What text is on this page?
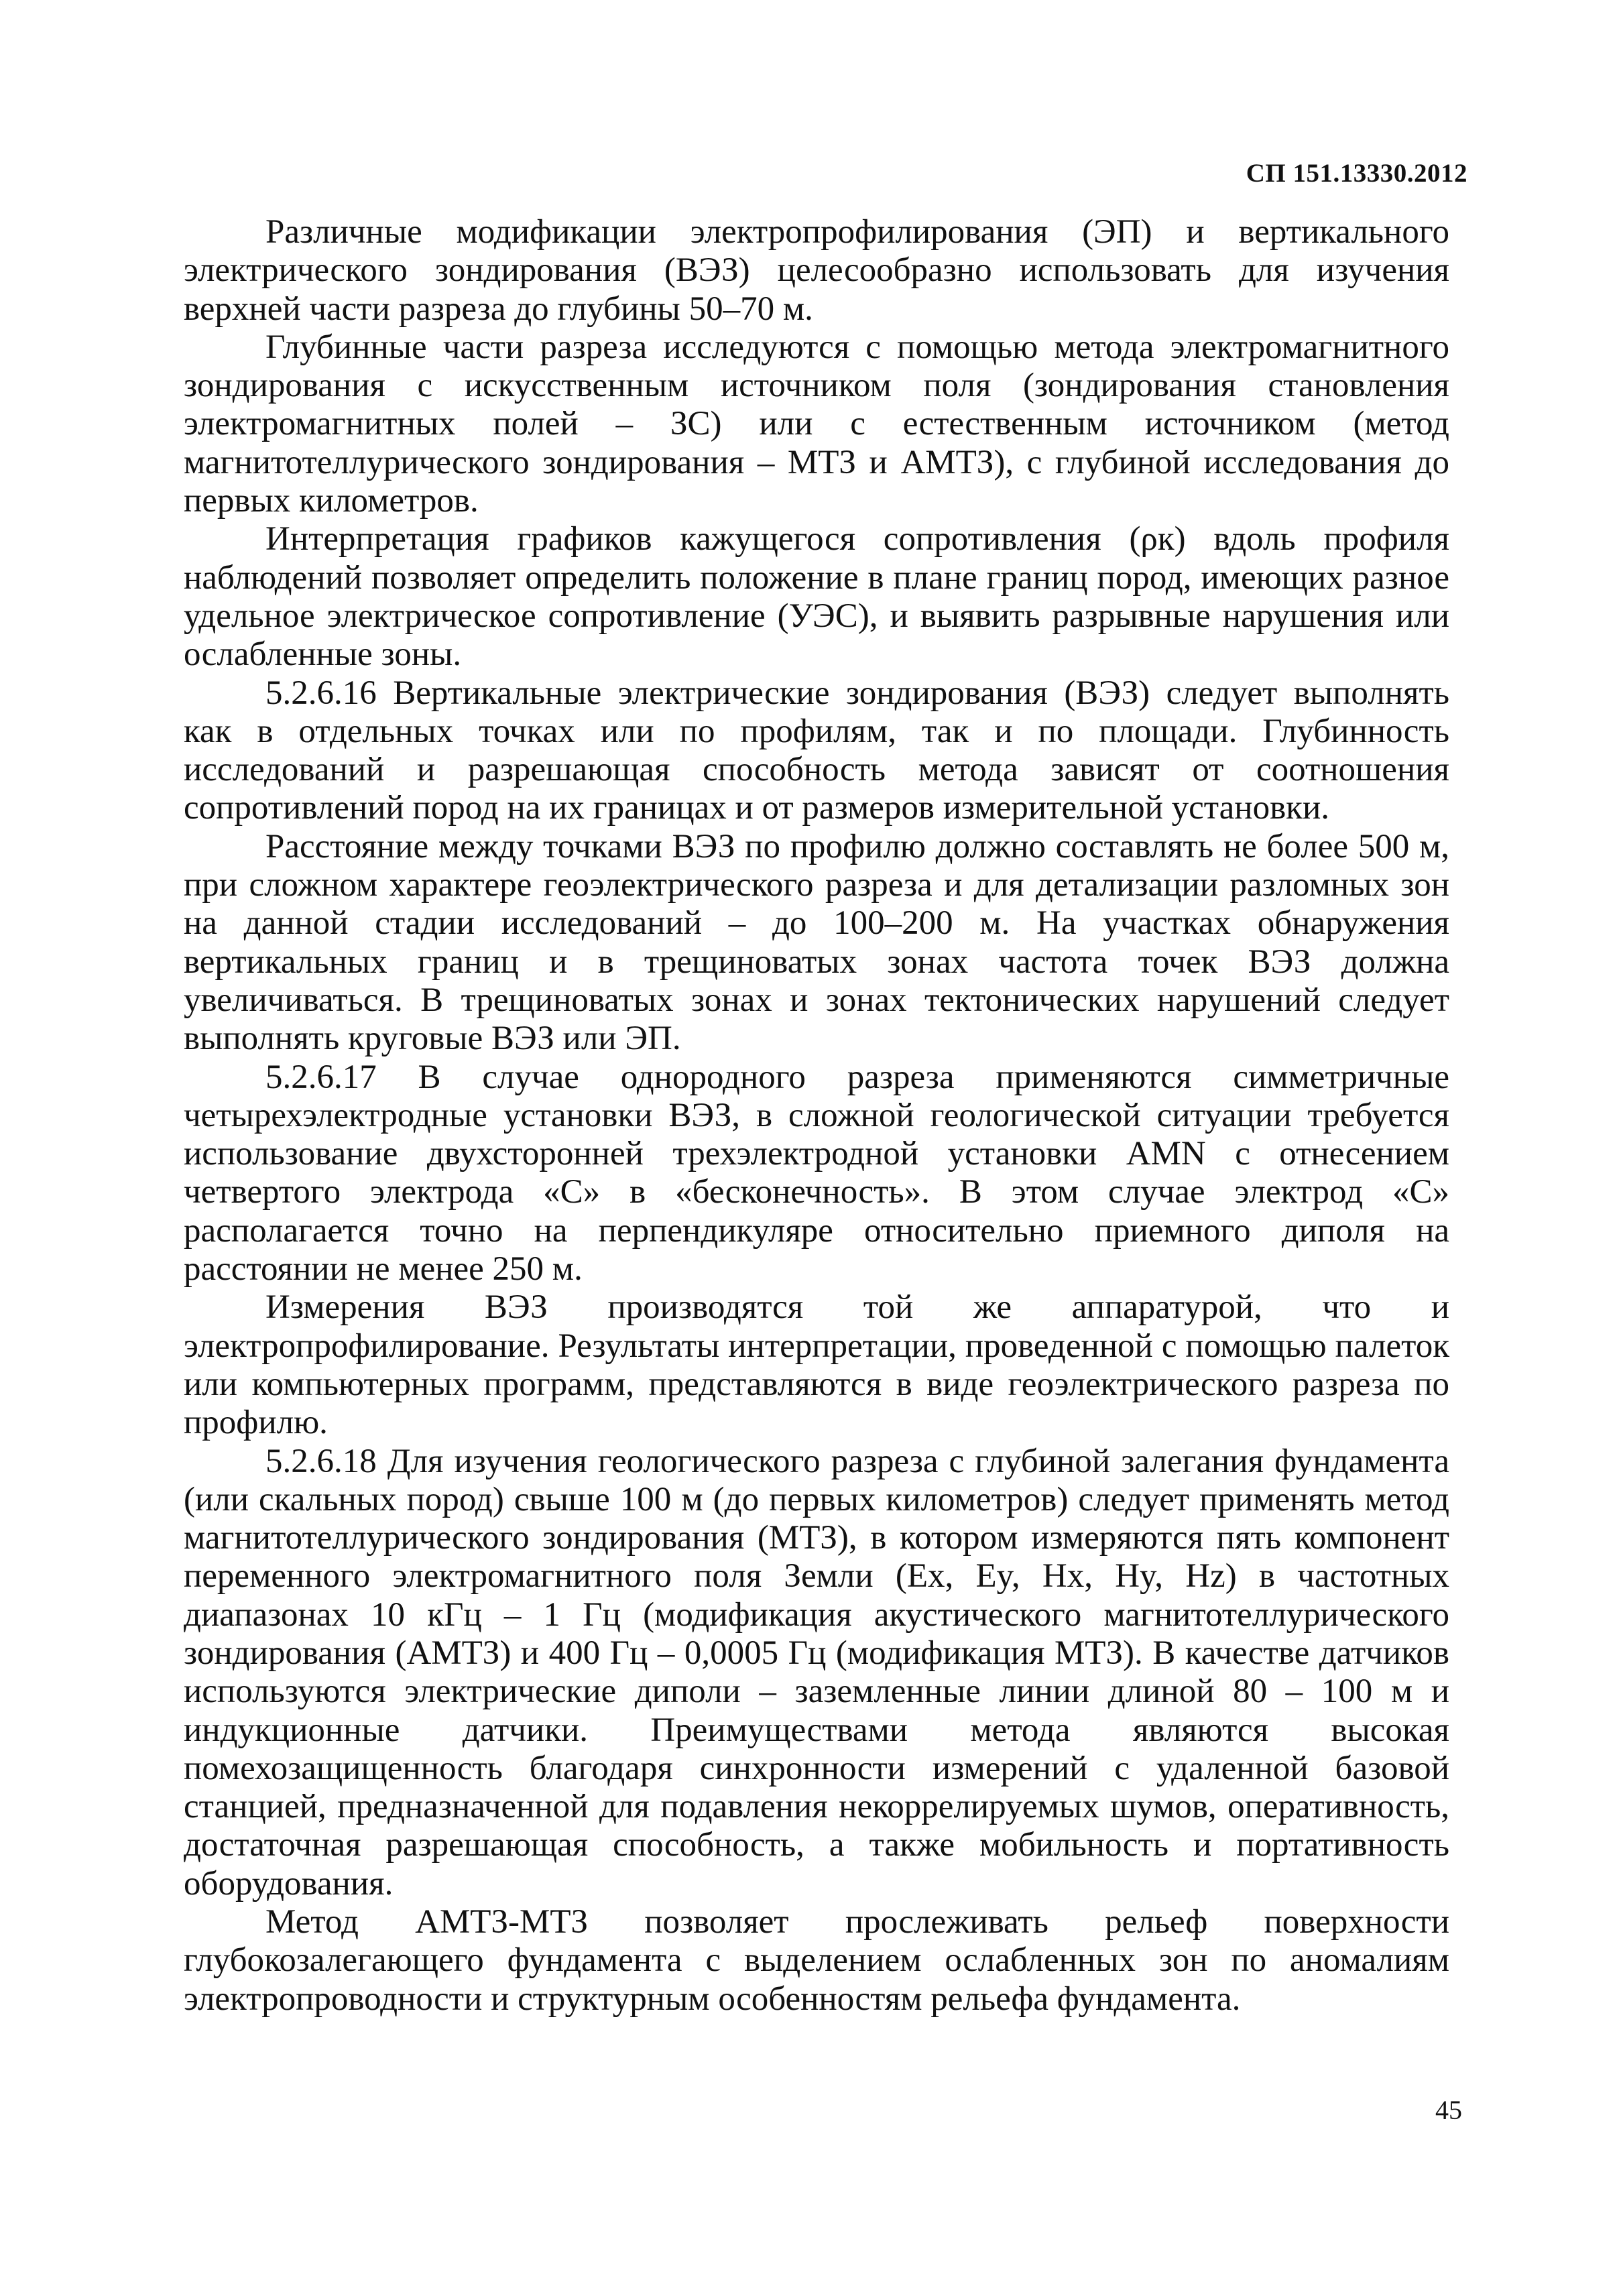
СП 151.13330.2012

Различные модификации электропрофилирования (ЭП) и вертикального электрического зондирования (ВЭЗ) целесообразно использовать для изучения верхней части разреза до глубины 50–70 м.

Глубинные части разреза исследуются с помощью метода электромагнитного зондирования с искусственным источником поля (зондирования становления электромагнитных полей – ЗС) или с естественным источником (метод магнитотеллурического зондирования – МТЗ и АМТЗ), с глубиной исследования до первых километров.

Интерпретация графиков кажущегося сопротивления (ρк) вдоль профиля наблюдений позволяет определить положение в плане границ пород, имеющих разное удельное электрическое сопротивление (УЭС), и выявить разрывные нарушения или ослабленные зоны.

5.2.6.16 Вертикальные электрические зондирования (ВЭЗ) следует выполнять как в отдельных точках или по профилям, так и по площади. Глубинность исследований и разрешающая способность метода зависят от соотношения сопротивлений пород на их границах и от размеров измерительной установки.

Расстояние между точками ВЭЗ по профилю должно составлять не более 500 м, при сложном характере геоэлектрического разреза и для детализации разломных зон на данной стадии исследований – до 100–200 м. На участках обнаружения вертикальных границ и в трещиноватых зонах частота точек ВЭЗ должна увеличиваться. В трещиноватых зонах и зонах тектонических нарушений следует выполнять круговые ВЭЗ или ЭП.

5.2.6.17 В случае однородного разреза применяются симметричные четырехэлектродные установки ВЭЗ, в сложной геологической ситуации требуется использование двухсторонней трехэлектродной установки AMN с отнесением четвертого электрода «С» в «бесконечность». В этом случае электрод «С» располагается точно на перпендикуляре относительно приемного диполя на расстоянии не менее 250 м.

Измерения ВЭЗ производятся той же аппаратурой, что и электропрофилирование. Результаты интерпретации, проведенной с помощью палеток или компьютерных программ, представляются в виде геоэлектрического разреза по профилю.

5.2.6.18 Для изучения геологического разреза с глубиной залегания фундамента (или скальных пород) свыше 100 м (до первых километров) следует применять метод магнитотеллурического зондирования (МТЗ), в котором измеряются пять компонент переменного электромагнитного поля Земли (Ex, Ey, Hx, Hy, Hz) в частотных диапазонах 10 кГц – 1 Гц (модификация акустического магнитотеллурического зондирования (АМТЗ) и 400 Гц – 0,0005 Гц (модификация МТЗ). В качестве датчиков используются электрические диполи – заземленные линии длиной 80 – 100 м и индукционные датчики. Преимуществами метода являются высокая помехозащищенность благодаря синхронности измерений с удаленной базовой станцией, предназначенной для подавления некоррелируемых шумов, оперативность, достаточная разрешающая способность, а также мобильность и портативность оборудования.

Метод АМТЗ-МТЗ позволяет прослеживать рельеф поверхности глубокозалегающего фундамента с выделением ослабленных зон по аномалиям электропроводности и структурным особенностям рельефа фундамента.

45
